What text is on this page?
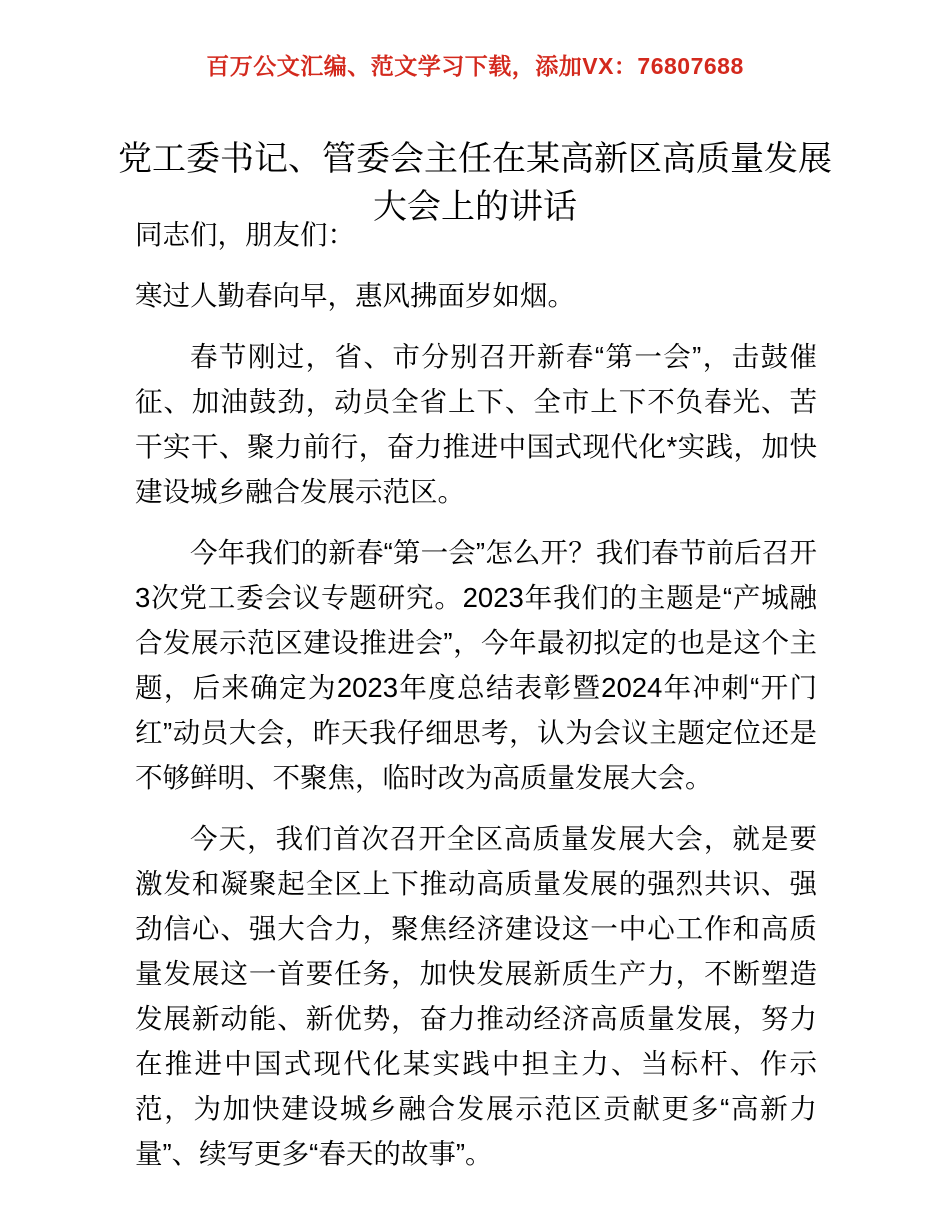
百万公文汇编、范文学习下载，添加VX：76807688
党工委书记、管委会主任在某高新区高质量发展大会上的讲话

同志们，朋友们：

寒过人勤春向早，惠风拂面岁如烟。

春节刚过，省、市分别召开新春“第一会”，击鼓催征、加油鼓劲，动员全省上下、全市上下不负春光、苦干实干、聚力前行，奋力推进中国式现代化*实践，加快建设城乡融合发展示范区。

今年我们的新春“第一会”怎么开？我们春节前后召开3次党工委会议专题研究。2023年我们的主题是“产城融合发展示范区建设推进会”，今年最初拟定的也是这个主题，后来确定为2023年度总结表彰暨2024年冲刺“开门红”动员大会，昨天我仔细思考，认为会议主题定位还是不够鲜明、不聚焦，临时改为高质量发展大会。

今天，我们首次召开全区高质量发展大会，就是要激发和凝聚起全区上下推动高质量发展的强烈共识、强劲信心、强大合力，聚焦经济建设这一中心工作和高质量发展这一首要任务，加快发展新质生产力，不断塑造发展新动能、新优势，奋力推动经济高质量发展，努力在推进中国式现代化某实践中担主力、当标杆、作示范，为加快建设城乡融合发展示范区贡献更多“高新力量”、续写更多“春天的故事”。
